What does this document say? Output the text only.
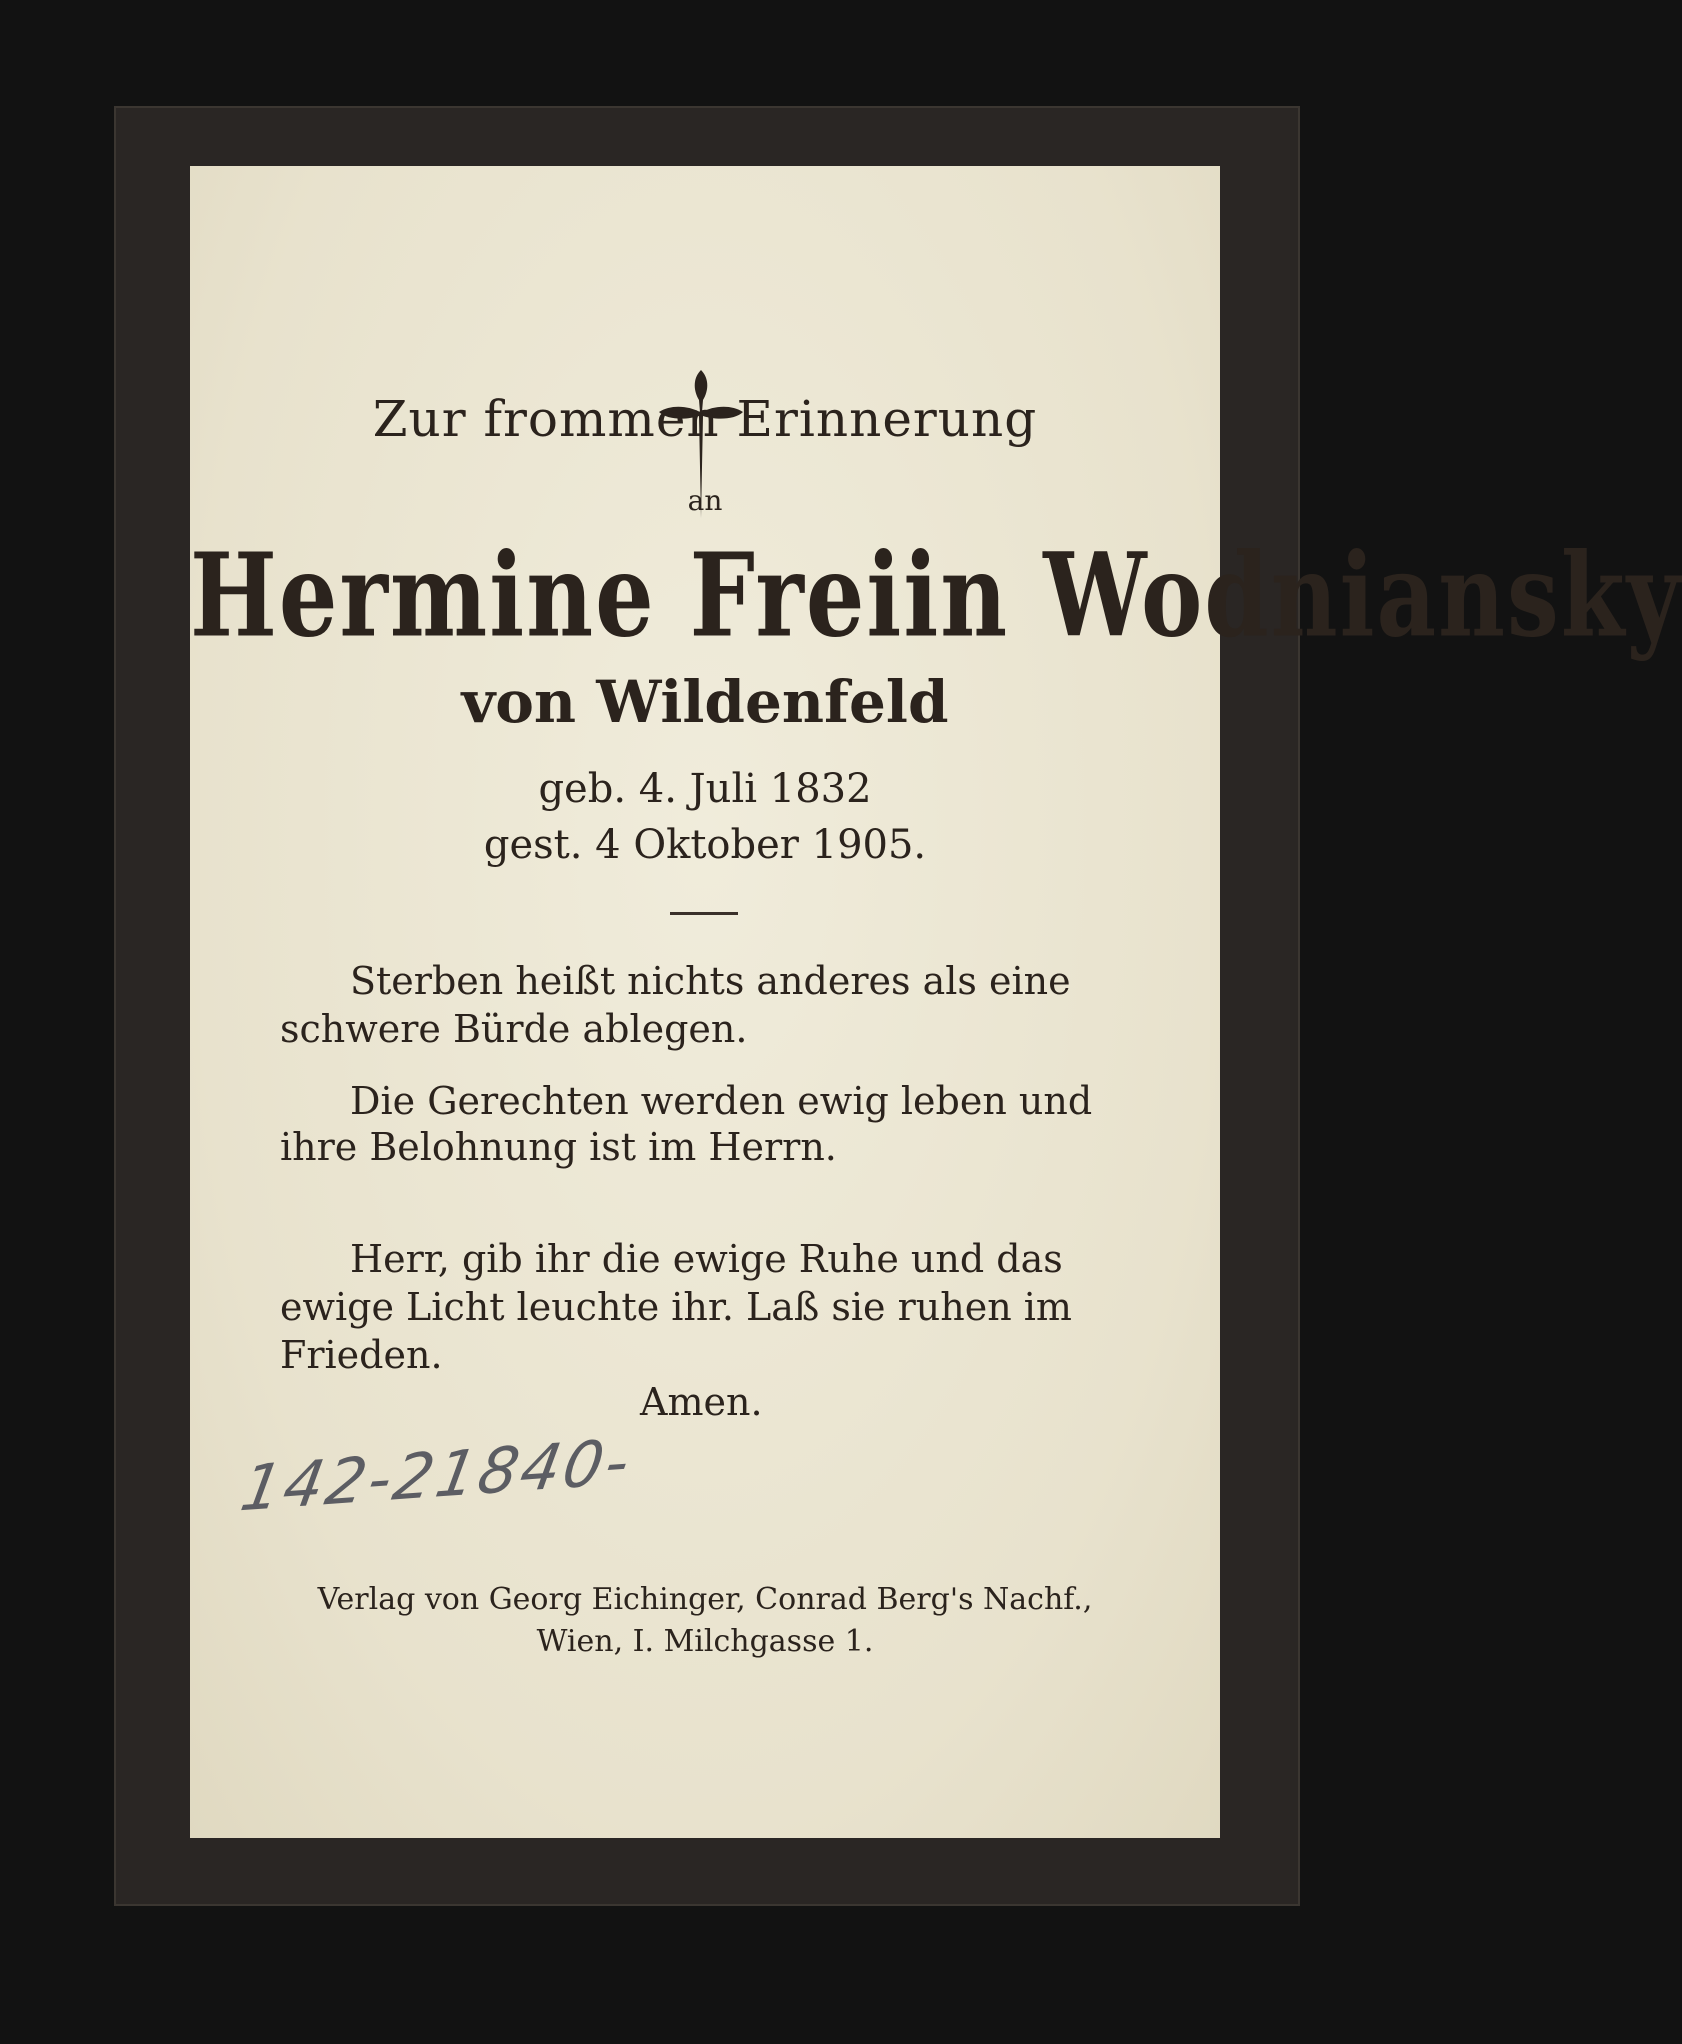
Zur frommen Erinnerung
an
Hermine Freiin Wodniansky
von Wildenfeld
geb. 4. Juli 1832
gest. 4 Oktober 1905.
Sterben heißt nichts anderes als eine
schwere Bürde ablegen.
Die Gerechten werden ewig leben und
ihre Belohnung ist im Herrn.
Herr, gib ihr die ewige Ruhe und das
ewige Licht leuchte ihr. Laß sie ruhen im
Frieden.
Amen.
142-21840-
Verlag von Georg Eichinger, Conrad Berg's Nachf.,
Wien, I. Milchgasse 1.
